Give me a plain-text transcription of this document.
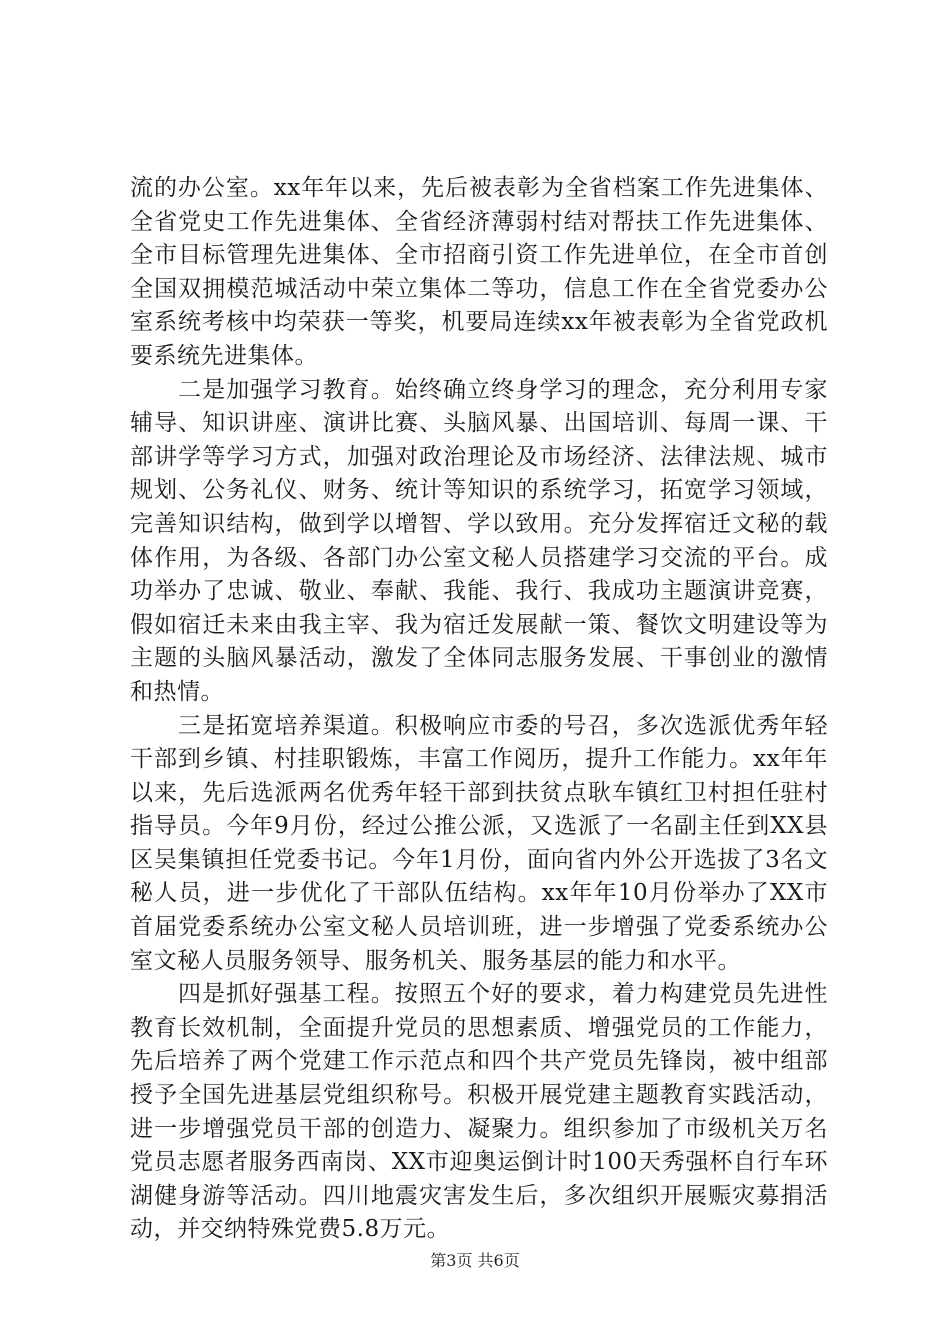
流的办公室。xx年年以来，先后被表彰为全省档案工作先进集体、全省党史工作先进集体、全省经济薄弱村结对帮扶工作先进集体、全市目标管理先进集体、全市招商引资工作先进单位，在全市首创全国双拥模范城活动中荣立集体二等功，信息工作在全省党委办公室系统考核中均荣获一等奖，机要局连续xx年被表彰为全省党政机要系统先进集体。

二是加强学习教育。始终确立终身学习的理念，充分利用专家辅导、知识讲座、演讲比赛、头脑风暴、出国培训、每周一课、干部讲学等学习方式，加强对政治理论及市场经济、法律法规、城市规划、公务礼仪、财务、统计等知识的系统学习，拓宽学习领域，完善知识结构，做到学以增智、学以致用。充分发挥宿迁文秘的载体作用，为各级、各部门办公室文秘人员搭建学习交流的平台。成功举办了忠诚、敬业、奉献、我能、我行、我成功主题演讲竞赛，假如宿迁未来由我主宰、我为宿迁发展献一策、餐饮文明建设等为主题的头脑风暴活动，激发了全体同志服务发展、干事创业的激情和热情。

三是拓宽培养渠道。积极响应市委的号召，多次选派优秀年轻干部到乡镇、村挂职锻炼，丰富工作阅历，提升工作能力。xx年年以来，先后选派两名优秀年轻干部到扶贫点耿车镇红卫村担任驻村指导员。今年9月份，经过公推公派，又选派了一名副主任到XX县区吴集镇担任党委书记。今年1月份，面向省内外公开选拔了3名文秘人员，进一步优化了干部队伍结构。xx年年10月份举办了XX市首届党委系统办公室文秘人员培训班，进一步增强了党委系统办公室文秘人员服务领导、服务机关、服务基层的能力和水平。

四是抓好强基工程。按照五个好的要求，着力构建党员先进性教育长效机制，全面提升党员的思想素质、增强党员的工作能力，先后培养了两个党建工作示范点和四个共产党员先锋岗，被中组部授予全国先进基层党组织称号。积极开展党建主题教育实践活动，进一步增强党员干部的创造力、凝聚力。组织参加了市级机关万名党员志愿者服务西南岗、XX市迎奥运倒计时100天秀强杯自行车环湖健身游等活动。四川地震灾害发生后，多次组织开展赈灾募捐活动，并交纳特殊党费5.8万元。

第3页 共6页
